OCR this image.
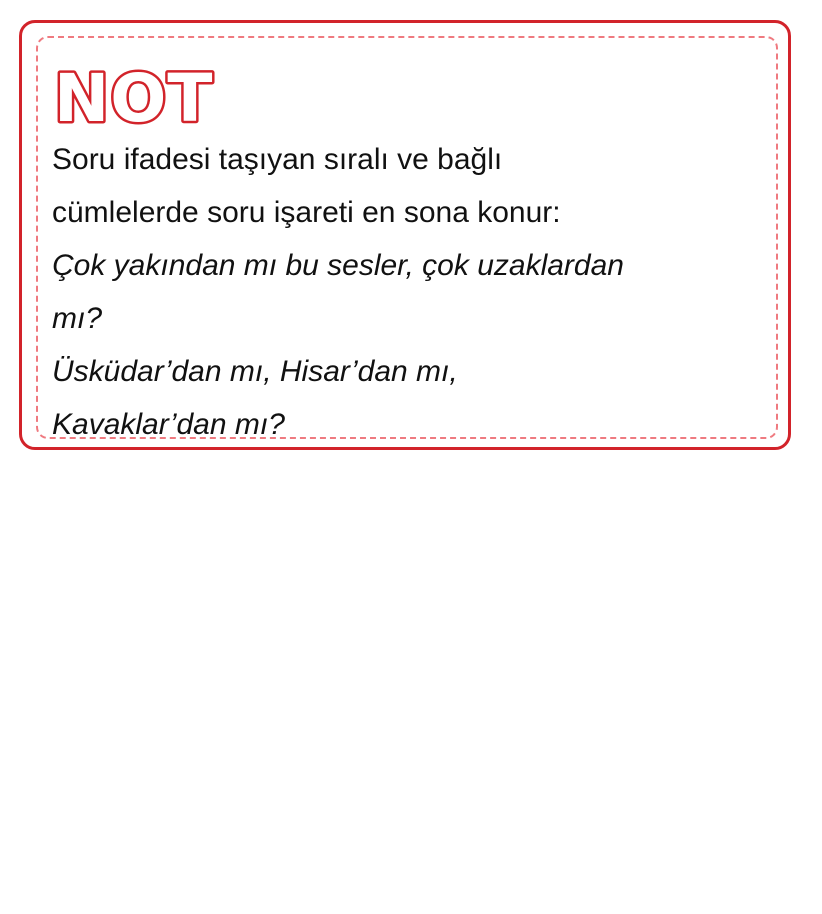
NOT

Soru ifadesi taşıyan sıralı ve bağlı

cümlelerde soru işareti en sona konur:

Çok yakından mı bu sesler, çok uzaklardan

mı?

Üsküdar’dan mı, Hisar’dan mı,

Kavaklar’dan mı?
